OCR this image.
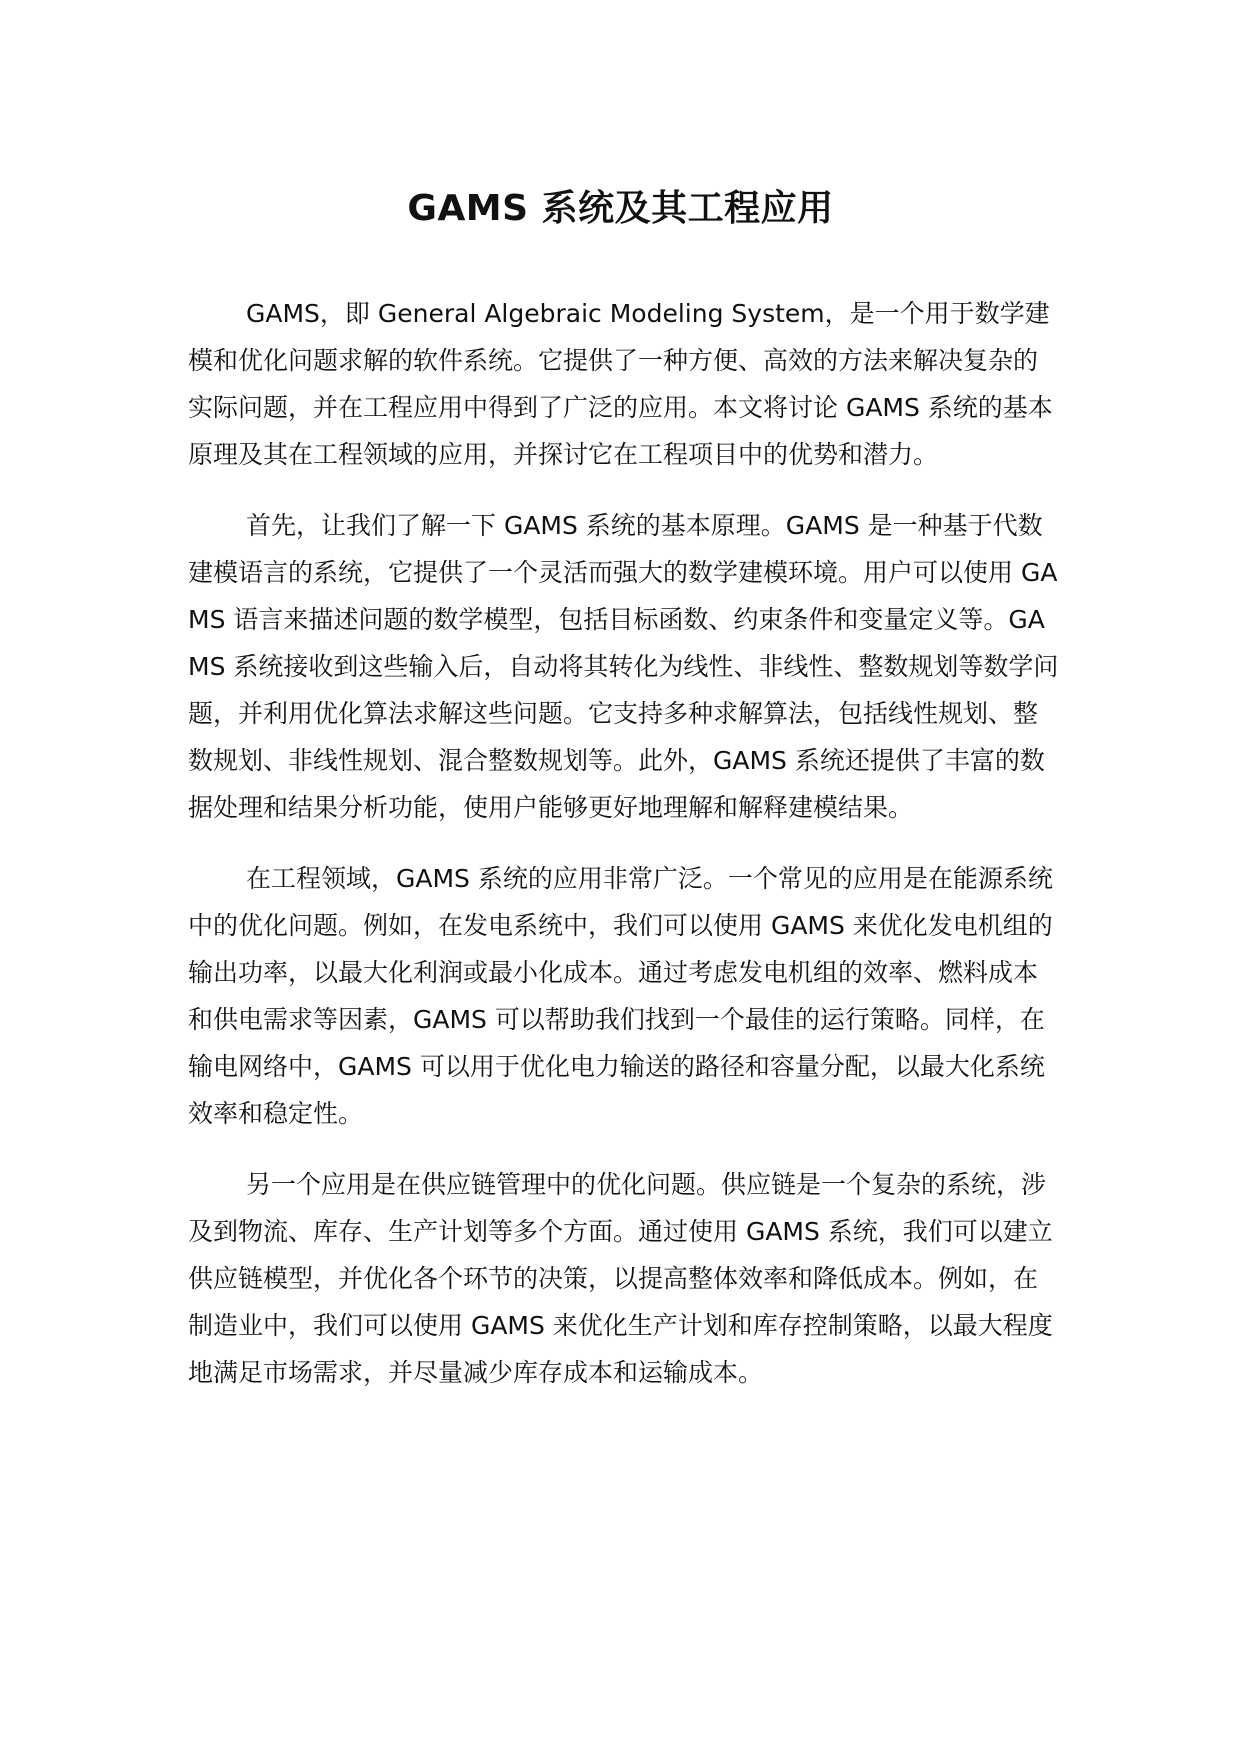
GAMS 系统及其工程应用

GAMS，即 General Algebraic Modeling System，是一个用于数学建模和优化问题求解的软件系统。它提供了一种方便、高效的方法来解决复杂的实际问题，并在工程应用中得到了广泛的应用。本文将讨论 GAMS 系统的基本原理及其在工程领域的应用，并探讨它在工程项目中的优势和潜力。

首先，让我们了解一下 GAMS 系统的基本原理。GAMS 是一种基于代数建模语言的系统，它提供了一个灵活而强大的数学建模环境。用户可以使用 GAMS 语言来描述问题的数学模型，包括目标函数、约束条件和变量定义等。GAMS 系统接收到这些输入后，自动将其转化为线性、非线性、整数规划等数学问题，并利用优化算法求解这些问题。它支持多种求解算法，包括线性规划、整数规划、非线性规划、混合整数规划等。此外，GAMS 系统还提供了丰富的数据处理和结果分析功能，使用户能够更好地理解和解释建模结果。

在工程领域，GAMS 系统的应用非常广泛。一个常见的应用是在能源系统中的优化问题。例如，在发电系统中，我们可以使用 GAMS 来优化发电机组的输出功率，以最大化利润或最小化成本。通过考虑发电机组的效率、燃料成本和供电需求等因素，GAMS 可以帮助我们找到一个最佳的运行策略。同样，在输电网络中，GAMS 可以用于优化电力输送的路径和容量分配，以最大化系统效率和稳定性。

另一个应用是在供应链管理中的优化问题。供应链是一个复杂的系统，涉及到物流、库存、生产计划等多个方面。通过使用 GAMS 系统，我们可以建立供应链模型，并优化各个环节的决策，以提高整体效率和降低成本。例如，在制造业中，我们可以使用 GAMS 来优化生产计划和库存控制策略，以最大程度地满足市场需求，并尽量减少库存成本和运输成本。
